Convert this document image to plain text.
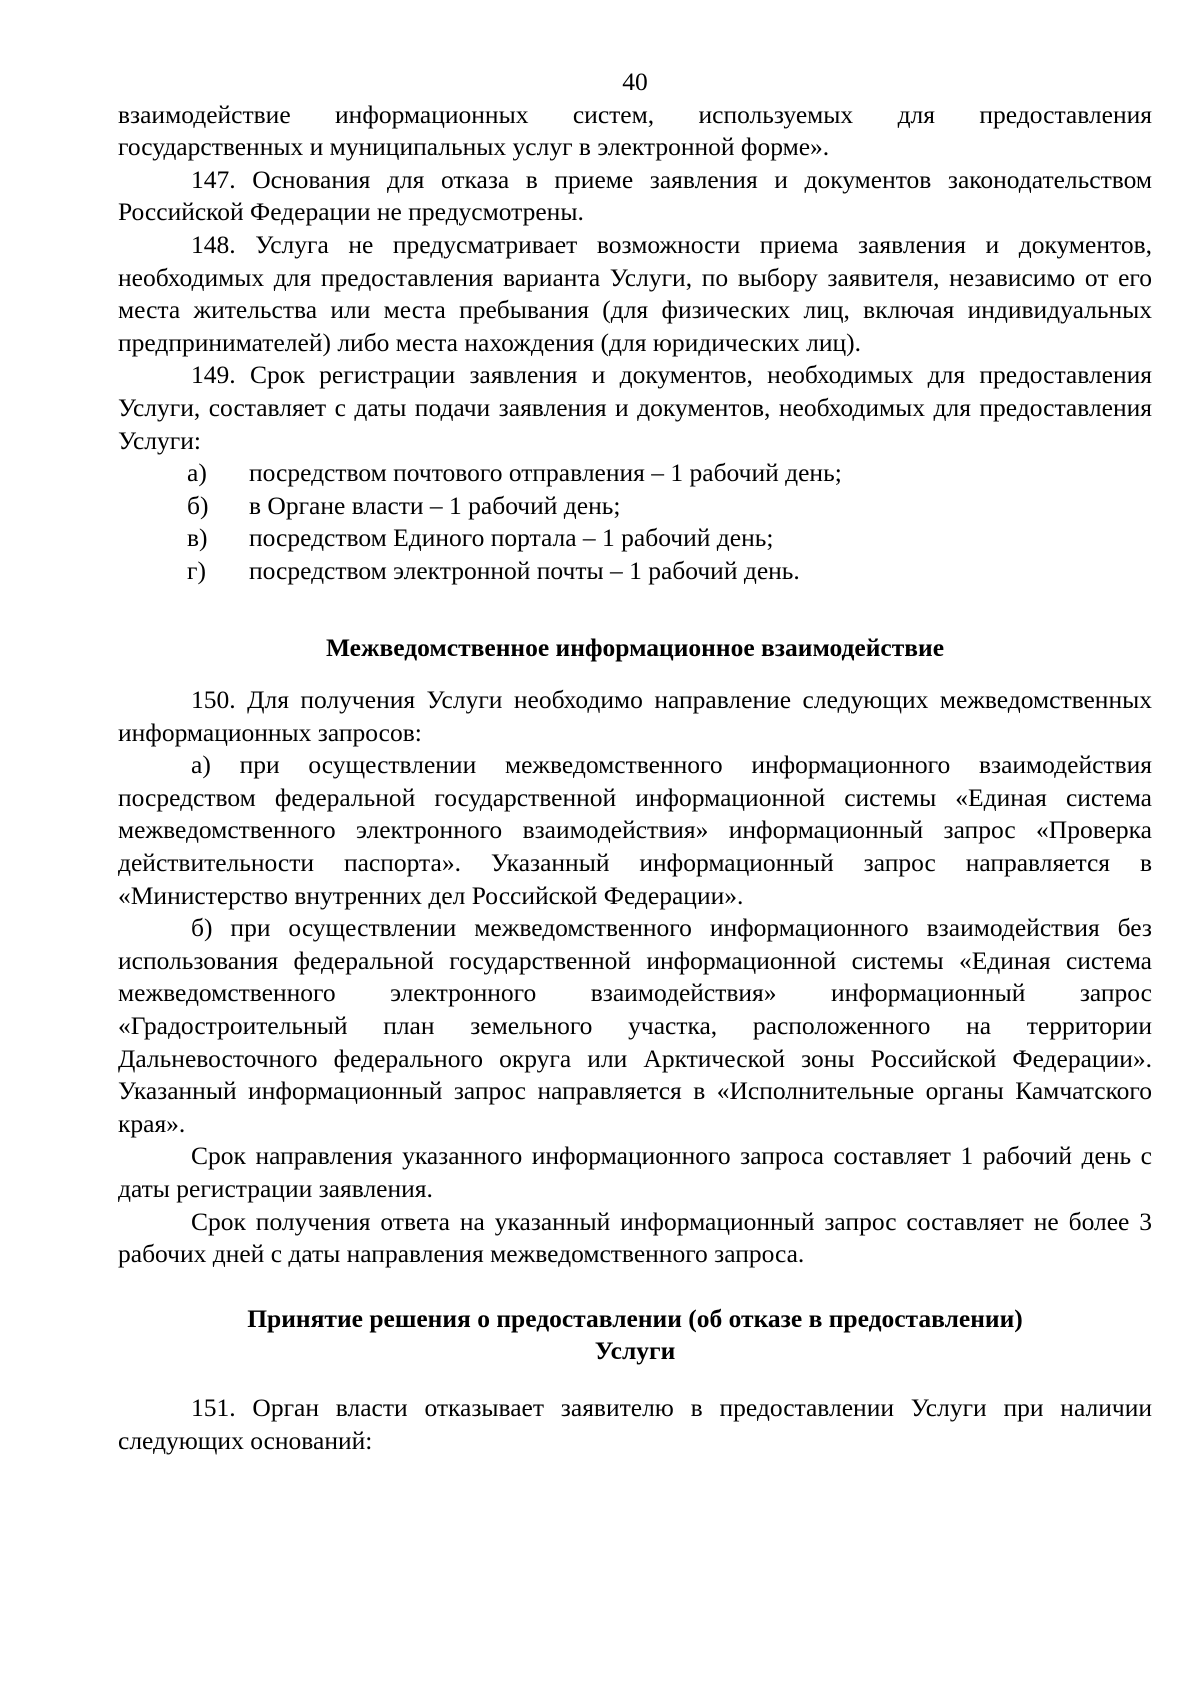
40

взаимодействие информационных систем, используемых для предоставления государственных и муниципальных услуг в электронной форме».

147. Основания для отказа в приеме заявления и документов законодательством Российской Федерации не предусмотрены.

148. Услуга не предусматривает возможности приема заявления и документов, необходимых для предоставления варианта Услуги, по выбору заявителя, независимо от его места жительства или места пребывания (для физических лиц, включая индивидуальных предпринимателей) либо места нахождения (для юридических лиц).

149. Срок регистрации заявления и документов, необходимых для предоставления Услуги, составляет с даты подачи заявления и документов, необходимых для предоставления Услуги:

а)	посредством почтового отправления – 1 рабочий день;
б)	в Органе власти – 1 рабочий день;
в)	посредством Единого портала – 1 рабочий день;
г)	посредством электронной почты – 1 рабочий день.
Межведомственное информационное взаимодействие

150. Для получения Услуги необходимо направление следующих межведомственных информационных запросов:

а) при осуществлении межведомственного информационного взаимодействия посредством федеральной государственной информационной системы «Единая система межведомственного электронного взаимодействия» информационный запрос «Проверка действительности паспорта». Указанный информационный запрос направляется в «Министерство внутренних дел Российской Федерации».

б) при осуществлении межведомственного информационного взаимодействия без использования федеральной государственной информационной системы «Единая система межведомственного электронного взаимодействия» информационный запрос «Градостроительный план земельного участка, расположенного на территории Дальневосточного федерального округа или Арктической зоны Российской Федерации». Указанный информационный запрос направляется в «Исполнительные органы Камчатского края».

Срок направления указанного информационного запроса составляет 1 рабочий день с даты регистрации заявления.

Срок получения ответа на указанный информационный запрос составляет не более 3 рабочих дней с даты направления межведомственного запроса.

Принятие решения о предоставлении (об отказе в предоставлении)
Услуги

151. Орган власти отказывает заявителю в предоставлении Услуги при наличии следующих оснований:
